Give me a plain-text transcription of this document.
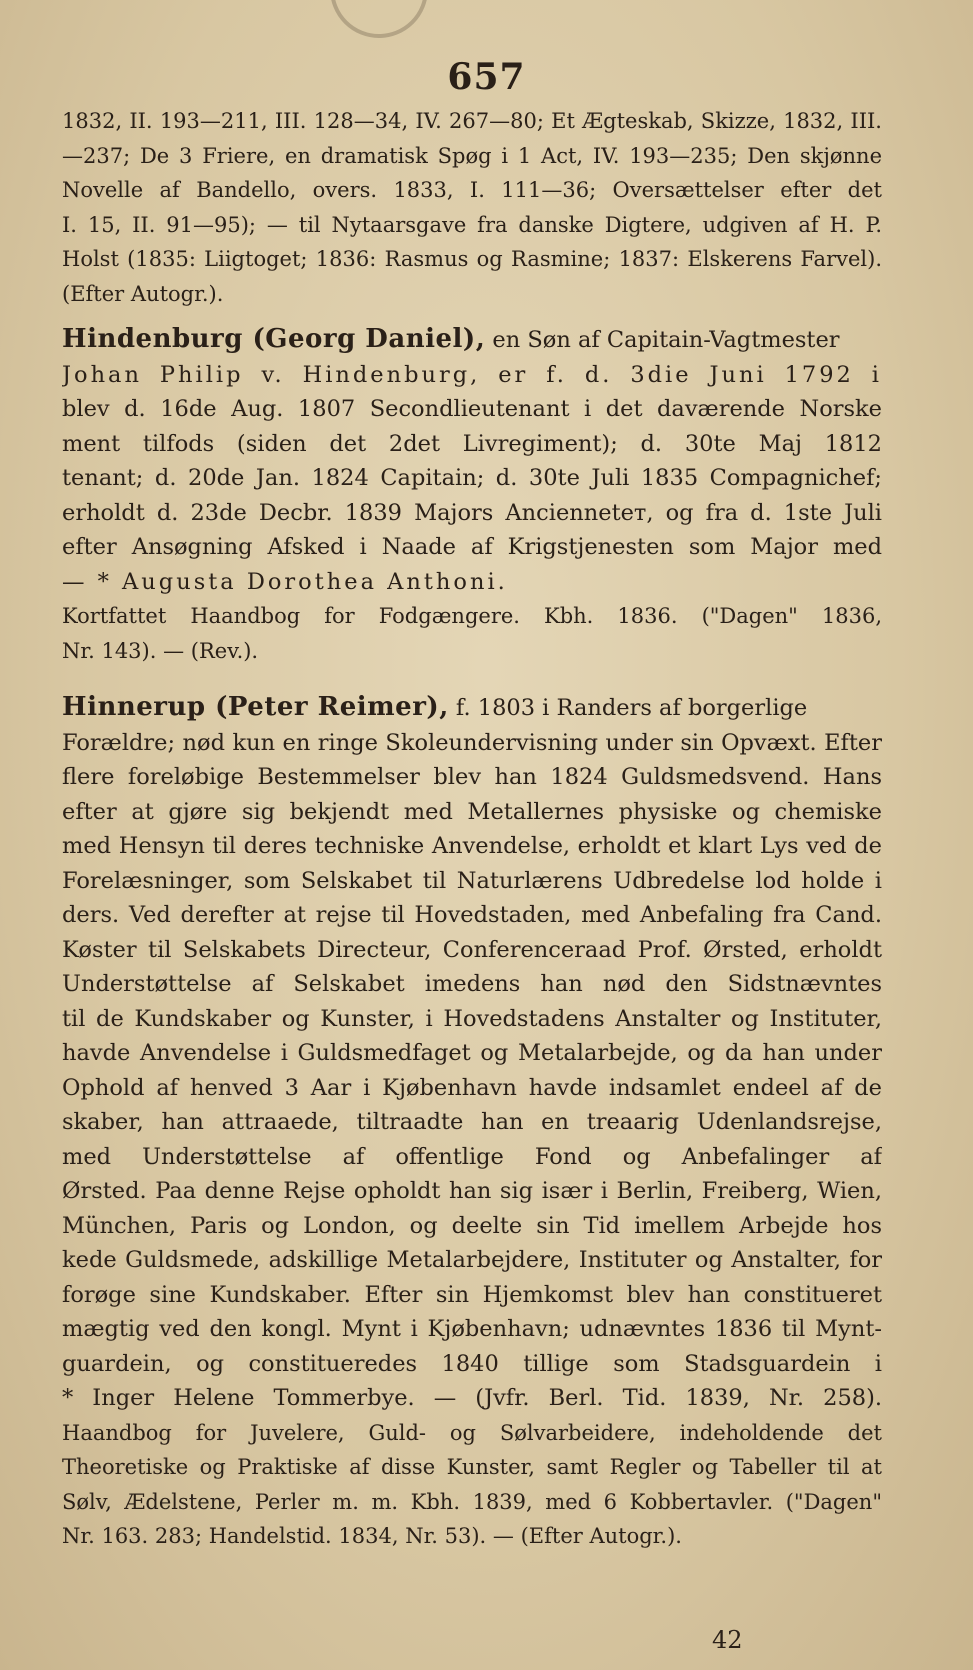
657
1832, II. 193—211, III. 128—34, IV. 267—80; Et Ægteskab, Skizze, 1832, III.
—237; De 3 Friere, en dramatisk Spøg i 1 Act, IV. 193—235; Den skjønne
Novelle af Bandello, overs. 1833, I. 111—36; Oversættelser efter det
I. 15, II. 91—95); — til Nytaarsgave fra danske Digtere, udgiven af H. P.
Holst (1835: Liigtoget; 1836: Rasmus og Rasmine; 1837: Elskerens Farvel).
(Efter Autogr.).
Hindenburg (Georg Daniel), en Søn af Capitain-Vagtmester
Johan Philip v. Hindenburg, er f. d. 3die Juni 1792 i
blev d. 16de Aug. 1807 Secondlieutenant i det daværende Norske
ment tilfods (siden det 2det Livregiment); d. 30te Maj 1812
tenant; d. 20de Jan. 1824 Capitain; d. 30te Juli 1835 Compagnichef;
erholdt d. 23de Decbr. 1839 Majors Ancienneteт, og fra d. 1ste Juli
efter Ansøgning Afsked i Naade af Krigstjenesten som Major med
— * Augusta Dorothea Anthoni.
Kortfattet Haandbog for Fodgængere. Kbh. 1836. ("Dagen" 1836,
Nr. 143). — (Rev.).
Hinnerup (Peter Reimer), f. 1803 i Randers af borgerlige
Forældre; nød kun en ringe Skoleundervisning under sin Opvæxt. Efter
flere foreløbige Bestemmelser blev han 1824 Guldsmedsvend. Hans
efter at gjøre sig bekjendt med Metallernes physiske og chemiske
med Hensyn til deres techniske Anvendelse, erholdt et klart Lys ved de
Forelæsninger, som Selskabet til Naturlærens Udbredelse lod holde i
ders. Ved derefter at rejse til Hovedstaden, med Anbefaling fra Cand.
Køster til Selskabets Directeur, Conferenceraad Prof. Ørsted, erholdt
Understøttelse af Selskabet imedens han nød den Sidstnævntes
til de Kundskaber og Kunster, i Hovedstadens Anstalter og Instituter,
havde Anvendelse i Guldsmedfaget og Metalarbejde, og da han under
Ophold af henved 3 Aar i Kjøbenhavn havde indsamlet endeel af de
skaber, han attraaede, tiltraadte han en treaarig Udenlandsrejse,
med Understøttelse af offentlige Fond og Anbefalinger af
Ørsted. Paa denne Rejse opholdt han sig især i Berlin, Freiberg, Wien,
München, Paris og London, og deelte sin Tid imellem Arbejde hos
kede Guldsmede, adskillige Metalarbejdere, Instituter og Anstalter, for
forøge sine Kundskaber. Efter sin Hjemkomst blev han constitueret
mægtig ved den kongl. Mynt i Kjøbenhavn; udnævntes 1836 til Mynt-
guardein, og constitueredes 1840 tillige som Stadsguardein i
* Inger Helene Tommerbye. — (Jvfr. Berl. Tid. 1839, Nr. 258).
Haandbog for Juvelere, Guld- og Sølvarbeidere, indeholdende det
Theoretiske og Praktiske af disse Kunster, samt Regler og Tabeller til at
Sølv, Ædelstene, Perler m. m. Kbh. 1839, med 6 Kobbertavler. ("Dagen"
Nr. 163. 283; Handelstid. 1834, Nr. 53). — (Efter Autogr.).
42
